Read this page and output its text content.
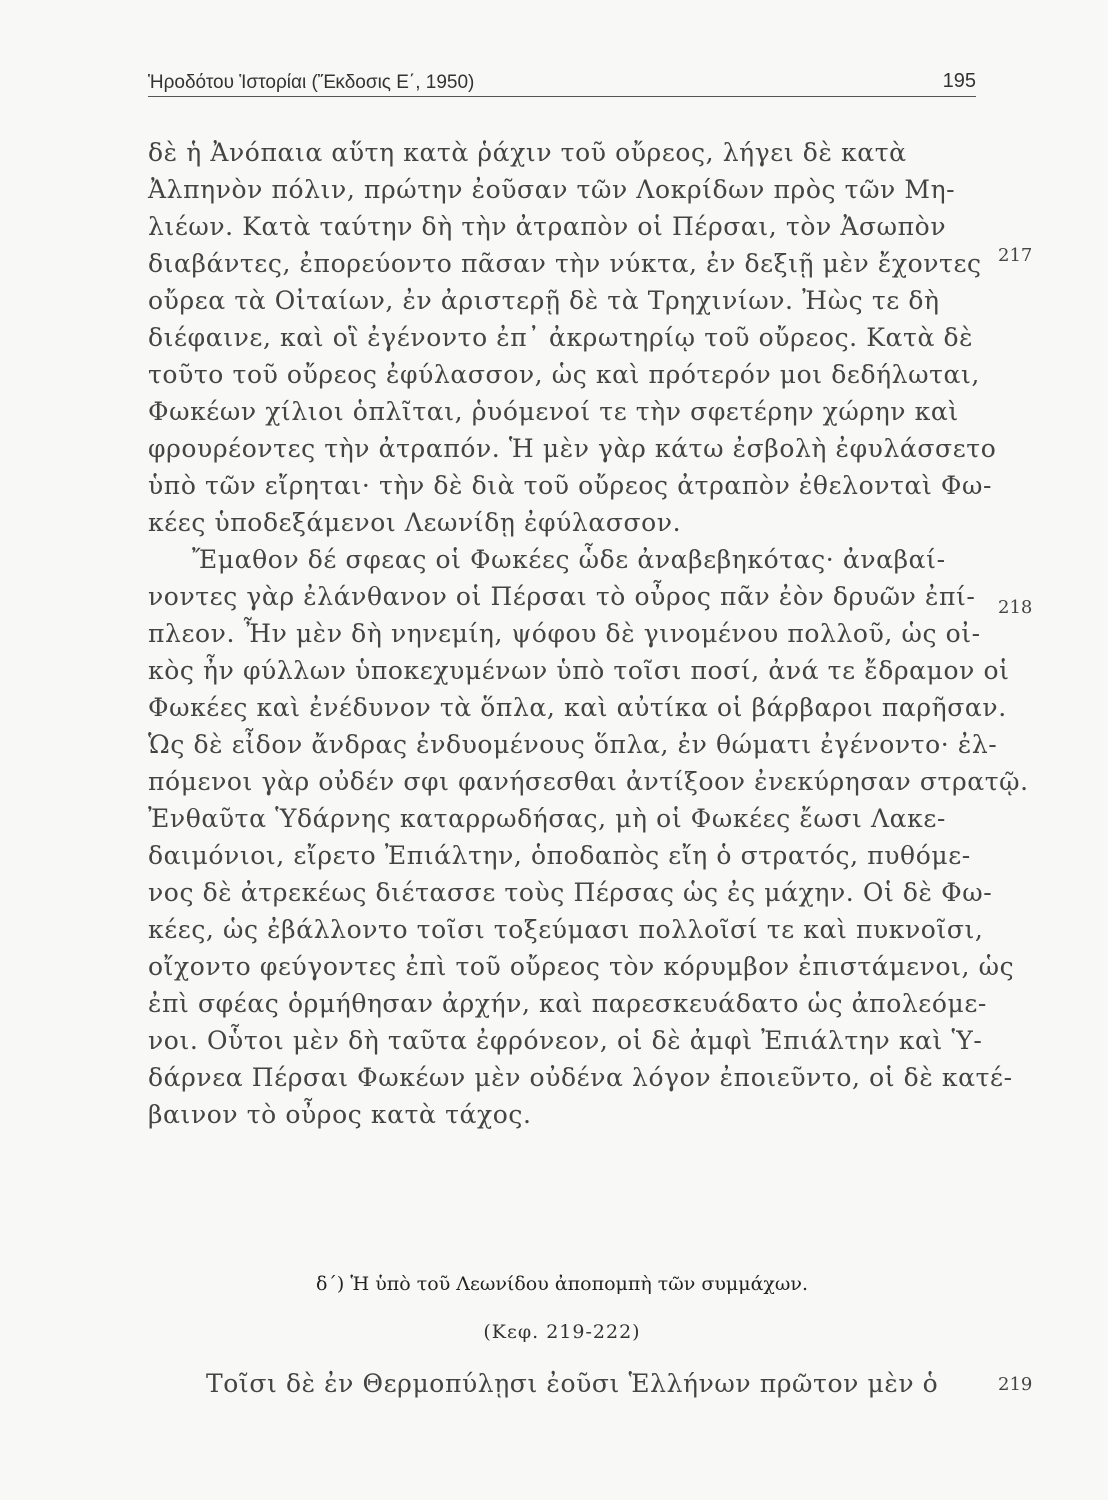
Ἡροδότου Ἱστορίαι (Ἔκδοσις Ε΄, 1950)	195
δὲ ἡ Ἀνόπαια αὕτη κατὰ ῥάχιν τοῦ οὔρεος, λήγει δὲ κατὰ
Ἀλπηνὸν πόλιν, πρώτην ἐοῦσαν τῶν Λοκρίδων πρὸς τῶν Μη-
λιέων. Κατὰ ταύτην δὴ τὴν ἀτραπὸν οἱ Πέρσαι, τὸν Ἀσωπὸν
διαβάντες, ἐπορεύοντο πᾶσαν τὴν νύκτα, ἐν δεξιῇ μὲν ἔχοντες
οὔρεα τὰ Οἰταίων, ἐν ἀριστερῇ δὲ τὰ Τρηχινίων. Ἠὼς τε δὴ
διέφαινε, καὶ οἳ ἐγένοντο ἐπ᾽ ἀκρωτηρίῳ τοῦ οὔρεος. Κατὰ δὲ
τοῦτο τοῦ οὔρεος ἐφύλασσον, ὡς καὶ πρότερόν μοι δεδήλωται,
Φωκέων χίλιοι ὁπλῖται, ῥυόμενοί τε τὴν σφετέρην χώρην καὶ
φρουρέοντες τὴν ἀτραπόν. Ἡ μὲν γὰρ κάτω ἐσβολὴ ἐφυλάσσετο
ὑπὸ τῶν εἴρηται· τὴν δὲ διὰ τοῦ οὔρεος ἀτραπὸν ἐθελονταὶ Φω-
κέες ὑποδεξάμενοι Λεωνίδῃ ἐφύλασσον.
Ἔμαθον δέ σφεας οἱ Φωκέες ὧδε ἀναβεβηκότας· ἀναβαί-
νοντες γὰρ ἐλάνθανον οἱ Πέρσαι τὸ οὖρος πᾶν ἐὸν δρυῶν ἐπί-
πλεον. Ἦν μὲν δὴ νηνεμίη, ψόφου δὲ γινομένου πολλοῦ, ὡς οἰ-
κὸς ἦν φύλλων ὑποκεχυμένων ὑπὸ τοῖσι ποσί, ἀνά τε ἔδραμον οἱ
Φωκέες καὶ ἐνέδυνον τὰ ὅπλα, καὶ αὐτίκα οἱ βάρβαροι παρῆσαν.
Ὡς δὲ εἶδον ἄνδρας ἐνδυομένους ὅπλα, ἐν θώματι ἐγένοντο· ἐλ-
πόμενοι γὰρ οὐδέν σφι φανήσεσθαι ἀντίξοον ἐνεκύρησαν στρατῷ.
Ἐνθαῦτα Ὑδάρνης καταρρωδήσας, μὴ οἱ Φωκέες ἔωσι Λακε-
δαιμόνιοι, εἴρετο Ἐπιάλτην, ὁποδαπὸς εἴη ὁ στρατός, πυθόμε-
νος δὲ ἀτρεκέως διέτασσε τοὺς Πέρσας ὡς ἐς μάχην. Οἱ δὲ Φω-
κέες, ὡς ἐβάλλοντο τοῖσι τοξεύμασι πολλοῖσί τε καὶ πυκνοῖσι,
οἴχοντο φεύγοντες ἐπὶ τοῦ οὔρεος τὸν κόρυμβον ἐπιστάμενοι, ὡς
ἐπὶ σφέας ὁρμήθησαν ἀρχήν, καὶ παρεσκευάδατο ὡς ἀπολεόμε-
νοι. Οὗτοι μὲν δὴ ταῦτα ἐφρόνεον, οἱ δὲ ἀμφὶ Ἐπιάλτην καὶ Ὑ-
δάρνεα Πέρσαι Φωκέων μὲν οὐδένα λόγον ἐποιεῦντο, οἱ δὲ κατέ-
βαινον τὸ οὖρος κατὰ τάχος.
217
218
219
δ΄) Ἡ ὑπὸ τοῦ Λεωνίδου ἀποπομπὴ τῶν συμμάχων.
(Κεφ. 219-222)
Τοῖσι δὲ ἐν Θερμοπύλῃσι ἐοῦσι Ἑλλήνων πρῶτον μὲν ὁ
